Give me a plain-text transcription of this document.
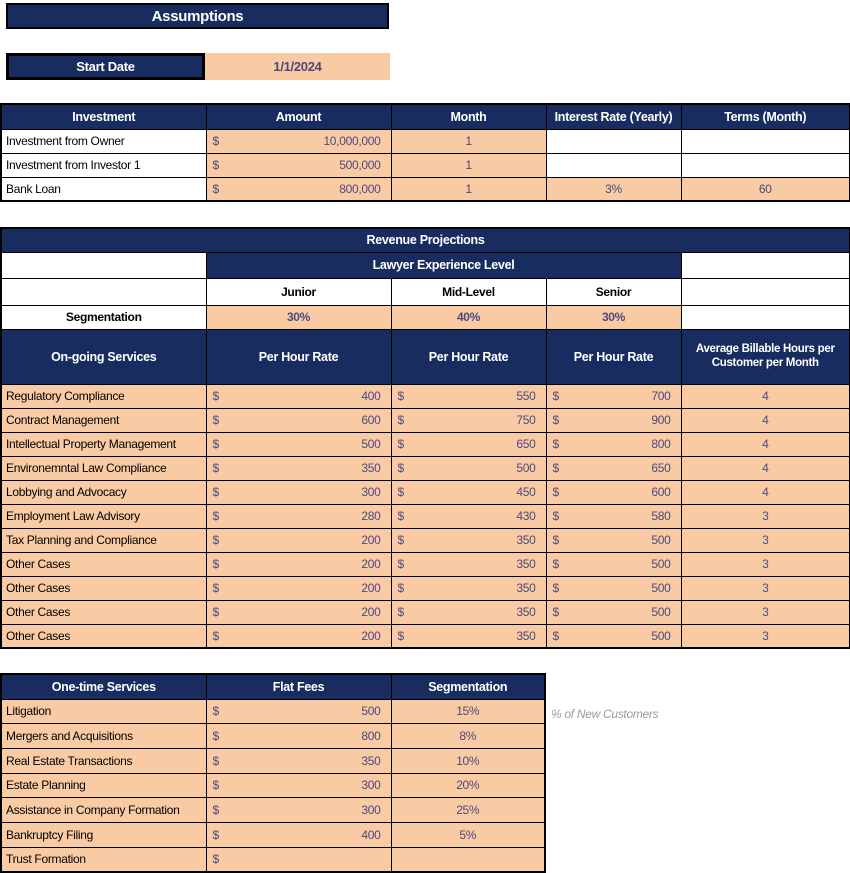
Assumptions
Start Date	1/1/2024
Investment	Amount	Month	Interest Rate (Yearly)	Terms (Month)
Investment from Owner	$ 10,000,000	1		
Investment from Investor 1	$ 500,000	1		
Bank Loan	$ 800,000	1	3%	60
Revenue Projections				
	Lawyer Experience Level			
	Junior	Mid-Level	Senior	
Segmentation	30%	40%	30%	
On-going Services	Per Hour Rate	Per Hour Rate	Per Hour Rate	Average Billable Hours per Customer per Month
Regulatory Compliance	$ 400	$ 550	$ 700	4
Contract Management	$ 600	$ 750	$ 900	4
Intellectual Property Management	$ 500	$ 650	$ 800	4
Environemntal Law Compliance	$ 350	$ 500	$ 650	4
Lobbying and Advocacy	$ 300	$ 450	$ 600	4
Employment Law Advisory	$ 280	$ 430	$ 580	3
Tax Planning and Compliance	$ 200	$ 350	$ 500	3
Other Cases	$ 200	$ 350	$ 500	3
Other Cases	$ 200	$ 350	$ 500	3
Other Cases	$ 200	$ 350	$ 500	3
Other Cases	$ 200	$ 350	$ 500	3
One-time Services	Flat Fees	Segmentation
Litigation	$ 500	15%
Mergers and Acquisitions	$ 800	8%
Real Estate Transactions	$ 350	10%
Estate Planning	$ 300	20%
Assistance in Company Formation	$ 300	25%
Bankruptcy Filing	$ 400	5%
Trust Formation	$	

% of New Customers
